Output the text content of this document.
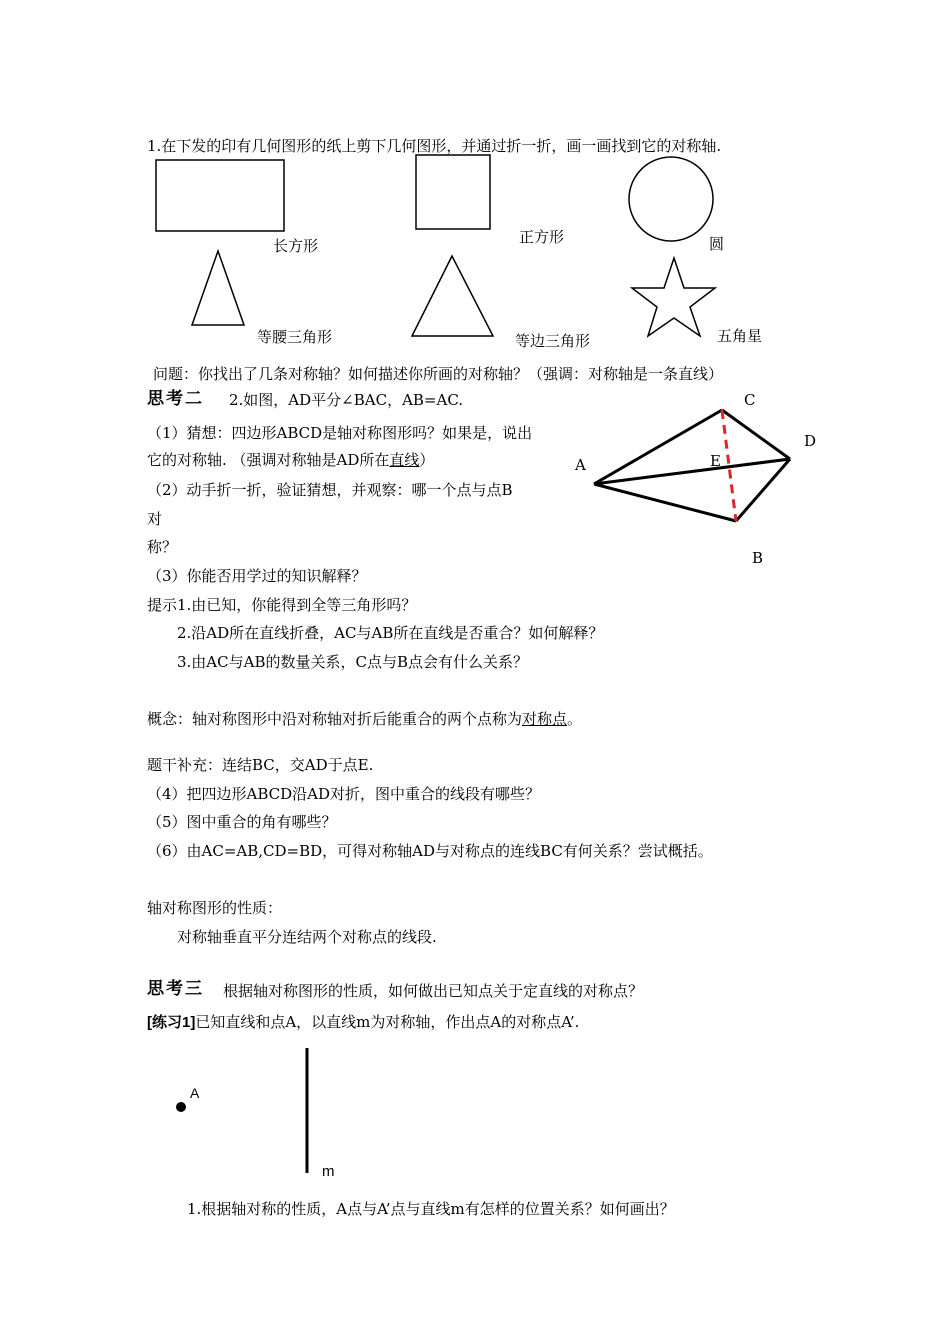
1.在下发的印有几何图形的纸上剪下几何图形，并通过折一折，画一画找到它的对称轴.
长方形	正方形	圆
等腰三角形	等边三角形	五角星
问题：你找出了几条对称轴？如何描述你所画的对称轴？（强调：对称轴是一条直线）
思考二 2.如图，AD平分∠BAC，AB=AC.
（1）猜想：四边形ABCD是轴对称图形吗？如果是，说出
它的对称轴. （强调对称轴是AD所在直线）
（2）动手折一折，验证猜想，并观察：哪一个点与点B
对
称？
（3）你能否用学过的知识解释？
提示1.由已知，你能得到全等三角形吗？
2.沿AD所在直线折叠，AC与AB所在直线是否重合？如何解释？
3.由AC与AB的数量关系，C点与B点会有什么关系？
C
D
A	E
B
概念：轴对称图形中沿对称轴对折后能重合的两个点称为对称点。
题干补充：连结BC，交AD于点E.
（4）把四边形ABCD沿AD对折，图中重合的线段有哪些？
（5）图中重合的角有哪些？
（6）由AC=AB,CD=BD，可得对称轴AD与对称点的连线BC有何关系？尝试概括。
轴对称图形的性质：
对称轴垂直平分连结两个对称点的线段.
思考三 根据轴对称图形的性质，如何做出已知点关于定直线的对称点？
[练习1]已知直线和点A，以直线m为对称轴，作出点A的对称点A’.
A
m
1.根据轴对称的性质，A点与A’点与直线m有怎样的位置关系？如何画出？
